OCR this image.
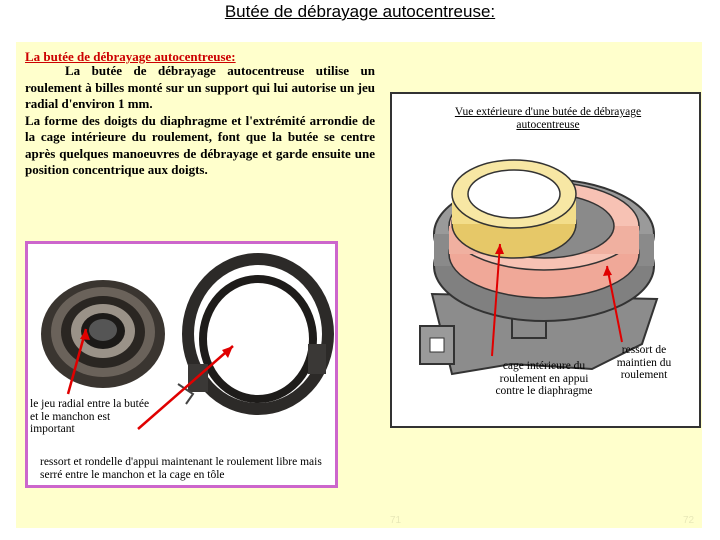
Butée de débrayage autocentreuse:
La butée de débrayage autocentreuse:
La butée de débrayage autocentreuse utilise un roulement à billes monté sur un support qui lui autorise un jeu radial d'environ 1 mm.
La forme des doigts du diaphragme et l'extrémité arrondie de la cage intérieure du roulement, font que la butée se centre après quelques manoeuvres de débrayage et garde ensuite une position concentrique aux doigts.
le jeu radial entre la butée et le manchon est important
ressort et rondelle d'appui maintenant le roulement libre mais serré entre le manchon et la cage en tôle
Vue extérieure d'une butée de débrayage autocentreuse
cage intérieure du roulement en appui contre le diaphragme
ressort de maintien du roulement
71	72
